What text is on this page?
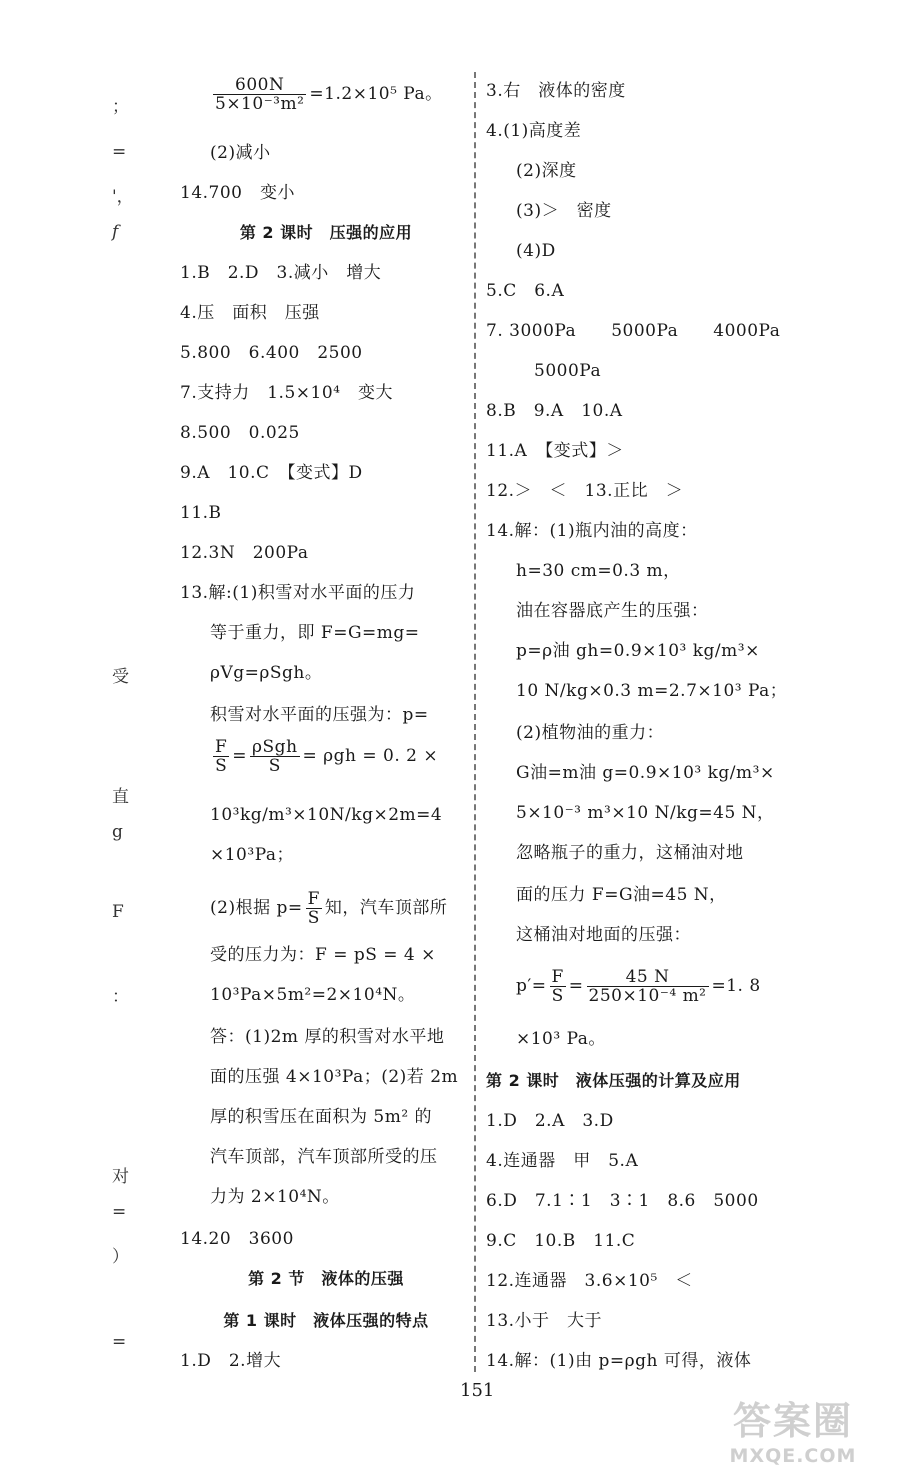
；
=
'，
f
受
直
g
F
：
对
=
）
=
$\frac{600N}{\text{5×10⁻³m²}} =1.2\times 10^5$ Pa。
(2)减小
14.700　变小
第 2 课时　压强的应用
1.B　2.D　3.减小　增大
4.压　面积　压强
5.800　6.400　2500
7.支持力　1.5×10⁴　变大
8.500　0.025
9.A　10.C　【变式】D
11.B
12.3N　200Pa
13.解:(1)积雪对水平面的压力
等于重力，即 F=G=mg=
ρVg=ρSgh。
积雪对水平面的压强为：p=
$\frac{F}{S} = \frac{\text{ρSgh}}{S} = \rho gh = 0$. 2 ×
10³kg/m³×10N/kg×2m=4
×10³Pa；
(2)根据 $p= \frac{F}{S}$ 知，汽车顶部所
受的压力为：F = pS = 4 ×
10³Pa×5m²=2×10⁴N。
答：(1)2m 厚的积雪对水平地
面的压强 4×10³Pa；(2)若 2m
厚的积雪压在面积为 5m² 的
汽车顶部，汽车顶部所受的压
力为 2×10⁴N。
14.20　3600
第 2 节　液体的压强
第 1 课时　液体压强的特点
1.D　2.增大
3.右　液体的密度
4.(1)高度差
(2)深度
(3)＞　密度
(4)D
5.C　6.A
7. 3000Pa　　5000Pa　　4000Pa
5000Pa
8.B　9.A　10.A
11.A　【变式】＞
12.＞　＜　13.正比　＞
14.解：(1)瓶内油的高度：
h=30 cm=0.3 m，
油在容器底产生的压强：
p=ρ油 gh=0.9×10³ kg/m³×
10 N/kg×0.3 m=2.7×10³ Pa；
(2)植物油的重力：
G油=m油 g=0.9×10³ kg/m³×
5×10⁻³ m³×10 N/kg=45 N，
忽略瓶子的重力，这桶油对地
面的压力 F=G油=45 N，
这桶油对地面的压强：
$p'= \frac{F}{S} = \frac{45 N}{\text{250×10⁻⁴ m²}} =1$. 8
×10³ Pa。
第 2 课时　液体压强的计算及应用
1.D　2.A　3.D
4.连通器　甲　5.A
6.D　7.1∶1　3∶1　8.6　5000
9.C　10.B　11.C
12.连通器　3.6×10⁵　＜
13.小于　大于
14.解：(1)由 p=ρgh 可得，液体
151
答案圈
MXQE.COM
